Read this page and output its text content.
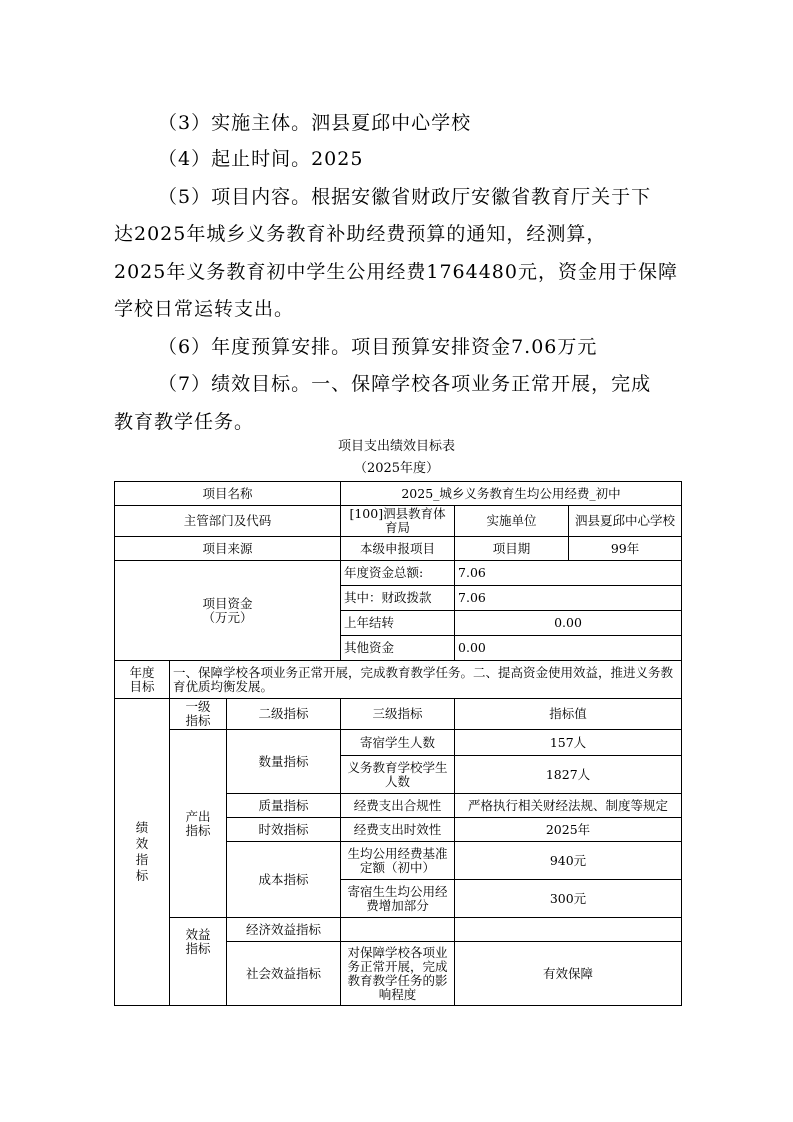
（3）实施主体。泗县夏邱中心学校
（4）起止时间。2025
（5）项目内容。根据安徽省财政厅安徽省教育厅关于下
达2025年城乡义务教育补助经费预算的通知，经测算，
2025年义务教育初中学生公用经费1764480元，资金用于保障
学校日常运转支出。
（6）年度预算安排。项目预算安排资金7.06万元
（7）绩效目标。一、保障学校各项业务正常开展，完成
教育教学任务。
项目支出绩效目标表
（2025年度）
项目名称			2025_城乡义务教育生均公用经费_初中		
主管部门及代码			[100]泗县教育体育局	实施单位	泗县夏邱中心学校
项目来源			本级申报项目	项目期	99年

项目资金
（万元）			年度资金总额:	7.06	
			其中：财政拨款	7.06	
			上年结转	0.00	
			其他资金	0.00	

年度目标	一、保障学校各项业务正常开展，完成教育教学任务。二、提高资金使用效益，推进义务教育优质均衡发展。				

绩效指标	一级指标	二级指标	三级指标	指标值	

	产出指标	数量指标	寄宿学生人数	157人	
			义务教育学校学生人数	1827人	
		质量指标	经费支出合规性	严格执行相关财经法规、制度等规定	
		时效指标	经费支出时效性	2025年	
		成本指标	生均公用经费基准定额（初中）	940元	
			寄宿生生均公用经费增加部分	300元	

	效益指标	经济效益指标			
		社会效益指标	对保障学校各项业务正常开展，完成教育教学任务的影响程度	有效保障	
